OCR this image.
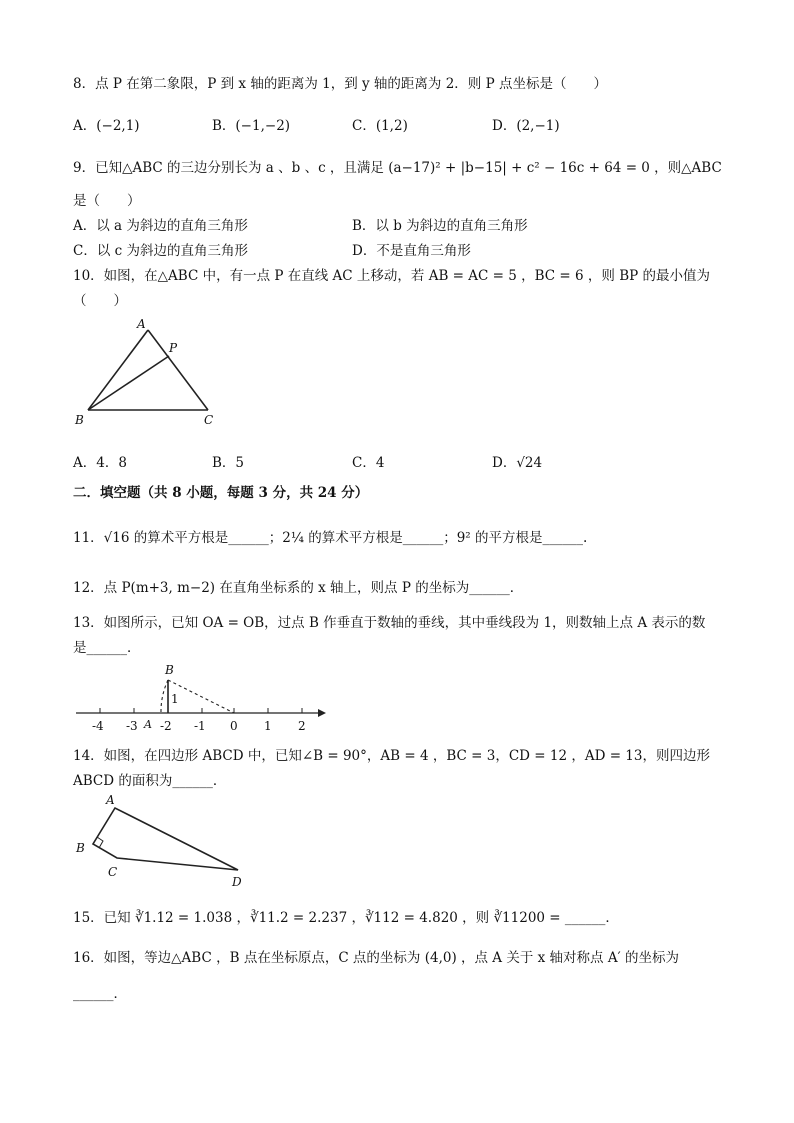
8．点 P 在第二象限，P 到 x 轴的距离为 1，到 y 轴的距离为 2．则 P 点坐标是（　　）
A．(−2,1)	B．(−1,−2)	C．(1,2)	D．(2,−1)
9．已知△ABC 的三边分别长为 a 、b 、c ，且满足 (a−17)² + |b−15| + c² − 16c + 64 = 0 ，则△ABC
是（　　）
A．以 a 为斜边的直角三角形	B．以 b 为斜边的直角三角形
C．以 c 为斜边的直角三角形	D．不是直角三角形
10．如图，在△ABC 中，有一点 P 在直线 AC 上移动，若 AB = AC = 5 ，BC = 6 ，则 BP 的最小值为
（　　）
A
P
B	C
A．4．8	B．5	C．4	D．√24
二．填空题（共 8 小题，每题 3 分，共 24 分）
11．√16 的算术平方根是______；2¼ 的算术平方根是______；9² 的平方根是______.
12．点 P(m+3, m−2) 在直角坐标系的 x 轴上，则点 P 的坐标为______．
13．如图所示，已知 OA = OB，过点 B 作垂直于数轴的垂线，其中垂线段为 1，则数轴上点 A 表示的数
是______．
B
1
A
-4 -3 -2 -1 0 1 2
14．如图，在四边形 ABCD 中，已知∠B = 90°，AB = 4 ，BC = 3，CD = 12 ，AD = 13，则四边形
ABCD 的面积为______．
A
B
C
D
15．已知 ∛1.12 = 1.038 ，∛11.2 = 2.237 ，∛112 = 4.820 ，则 ∛11200 = ______．
16．如图，等边△ABC ，B 点在坐标原点，C 点的坐标为 (4,0) ，点 A 关于 x 轴对称点 A′ 的坐标为
______．
